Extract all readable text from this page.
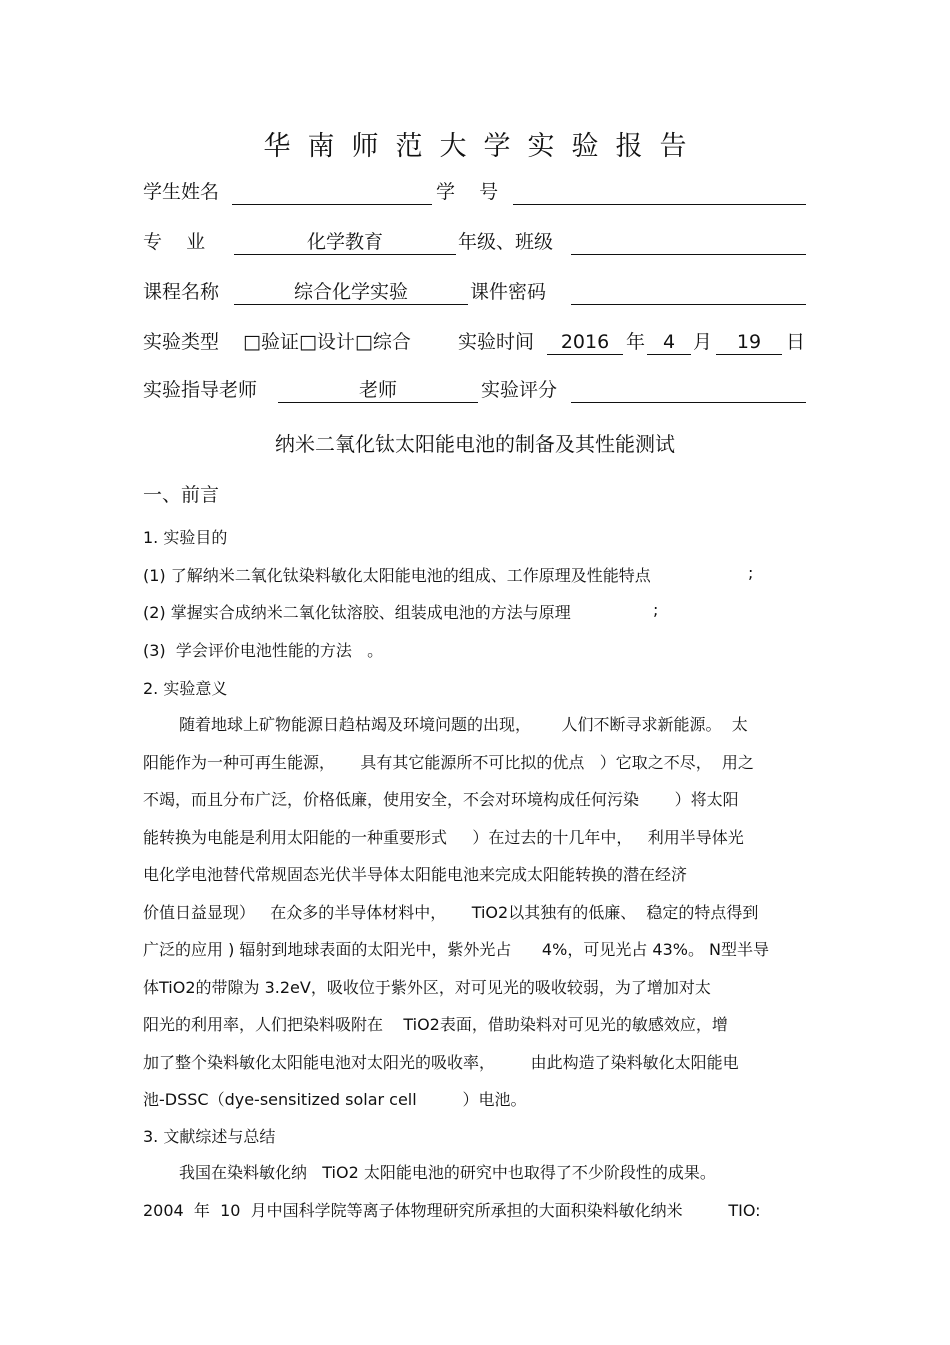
华南师范大学实验报告
学生姓名	学    号
专    业	化学教育	年级、班级
课程名称	综合化学实验	课件密码
实验类型 □验证□设计□综合 实验时间	2016 年 4 月	19	日
实验指导老师	老师	实验评分
纳米二氧化钛太阳能电池的制备及其性能测试
一、前言
1. 实验目的
(1) 了解纳米二氧化钛染料敏化太阳能电池的组成、工作原理及性能特点	;
(2) 掌握实合成纳米二氧化钛溶胶、组装成电池的方法与原理	;
(3)  学会评价电池性能的方法   。
2. 实验意义
随着地球上矿物能源日趋枯竭及环境问题的出现，      人们不断寻求新能源。  太
阳能作为一种可再生能源，     具有其它能源所不可比拟的优点   ）它取之不尽，  用之
不竭，而且分布广泛，价格低廉，使用安全，不会对环境构成任何污染       ）将太阳
能转换为电能是利用太阳能的一种重要形式     ）在过去的十几年中，   利用半导体光
电化学电池替代常规固态光伏半导体太阳能电池来完成太阳能转换的潜在经济
价值日益显现）   在众多的半导体材料中，     TiO2以其独有的低廉、  稳定的特点得到
广泛的应用 ) 辐射到地球表面的太阳光中，紫外光占      4%，可见光占 43%。 N型半导
体TiO2的带隙为 3.2eV，吸收位于紫外区，对可见光的吸收较弱，为了增加对太
阳光的利用率，人们把染料吸附在    TiO2表面，借助染料对可见光的敏感效应，增
加了整个染料敏化太阳能电池对太阳光的吸收率，       由此构造了染料敏化太阳能电
池-DSSC（dye-sensitized solar cell         ）电池。
3. 文献综述与总结
我国在染料敏化纳   TiO2 太阳能电池的研究中也取得了不少阶段性的成果。
2004  年  10  月中国科学院等离子体物理研究所承担的大面积染料敏化纳米         TIO:
